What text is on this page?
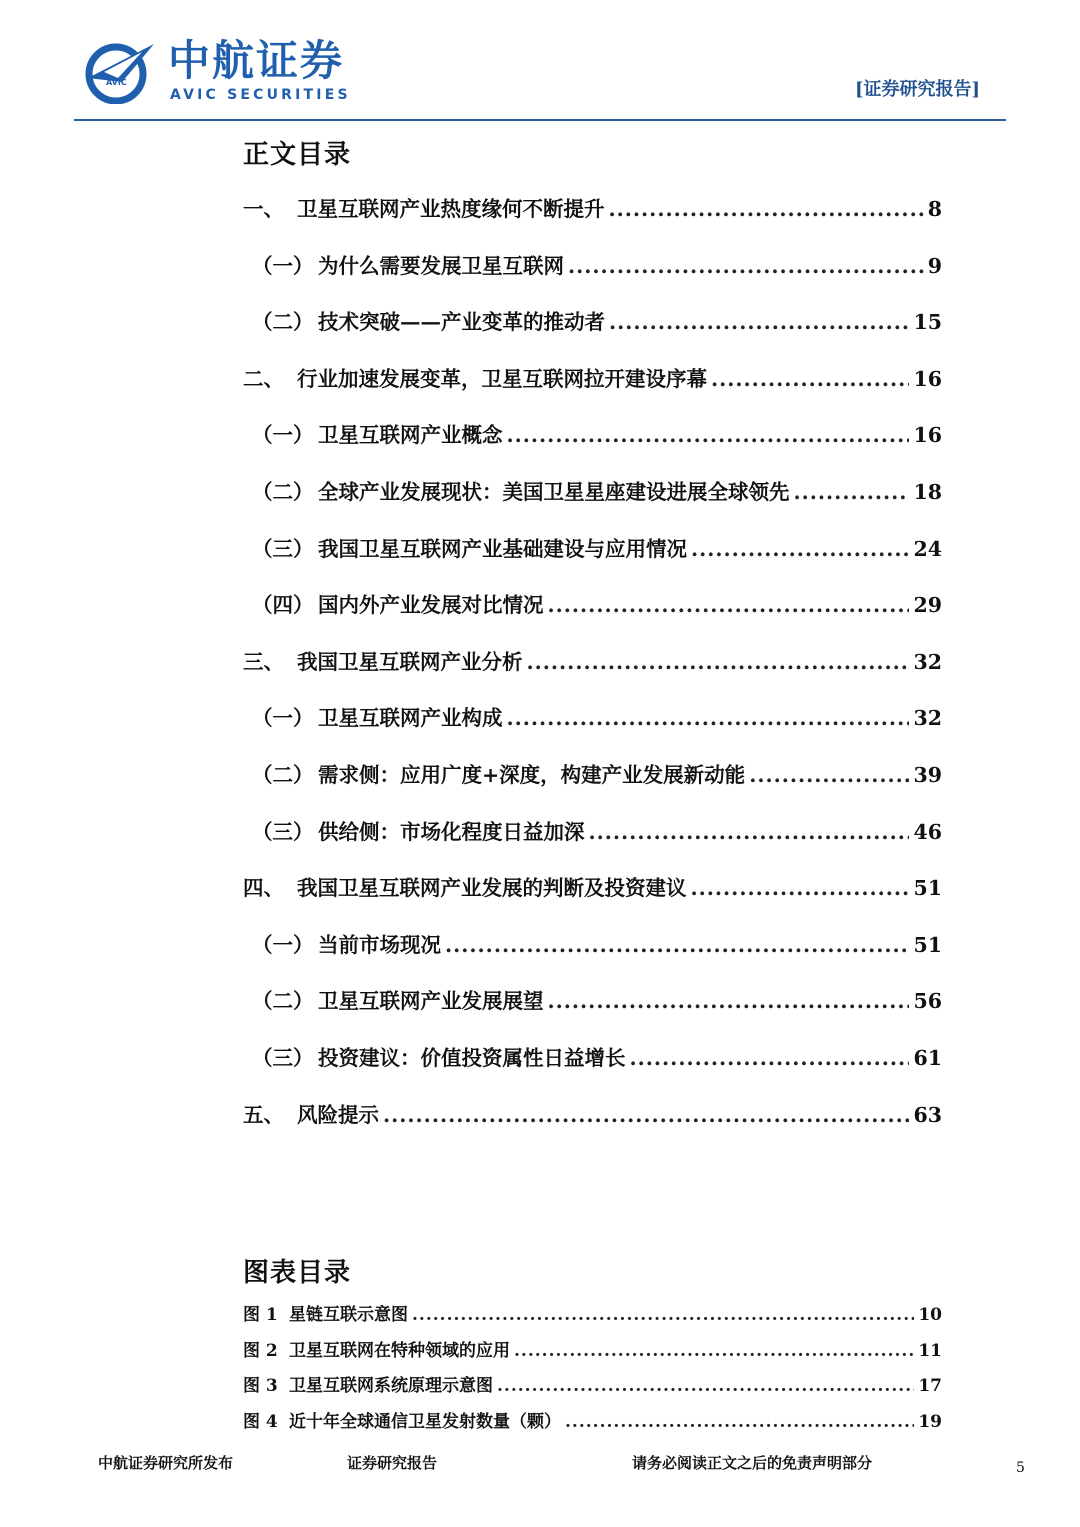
AVIC 中航证券
AVIC SECURITIES	[证券研究报告]
正文目录
一、 卫星互联网产业热度缘何不断提升 .....	8
（一） 为什么需要发展卫星互联网 .....	9
（二） 技术突破——产业变革的推动者 .....	15
二、 行业加速发展变革，卫星互联网拉开建设序幕 .....	16
（一） 卫星互联网产业概念 .....	16
（二） 全球产业发展现状：美国卫星星座建设进展全球领先 .....	18
（三） 我国卫星互联网产业基础建设与应用情况 .....	24
（四） 国内外产业发展对比情况 .....	29
三、 我国卫星互联网产业分析 .....	32
（一） 卫星互联网产业构成 .....	32
（二） 需求侧：应用广度+深度，构建产业发展新动能 .....	39
（三） 供给侧：市场化程度日益加深 .....	46
四、 我国卫星互联网产业发展的判断及投资建议 .....	51
（一） 当前市场现况 .....	51
（二） 卫星互联网产业发展展望 .....	56
（三） 投资建议：价值投资属性日益增长 .....	61
五、 风险提示 .....	63
图表目录
图 1 星链互联示意图 .....	10
图 2 卫星互联网在特种领域的应用 .....	11
图 3 卫星互联网系统原理示意图 .....	17
图 4 近十年全球通信卫星发射数量（颗） .....	19
中航证券研究所发布	证券研究报告	请务必阅读正文之后的免责声明部分	5
